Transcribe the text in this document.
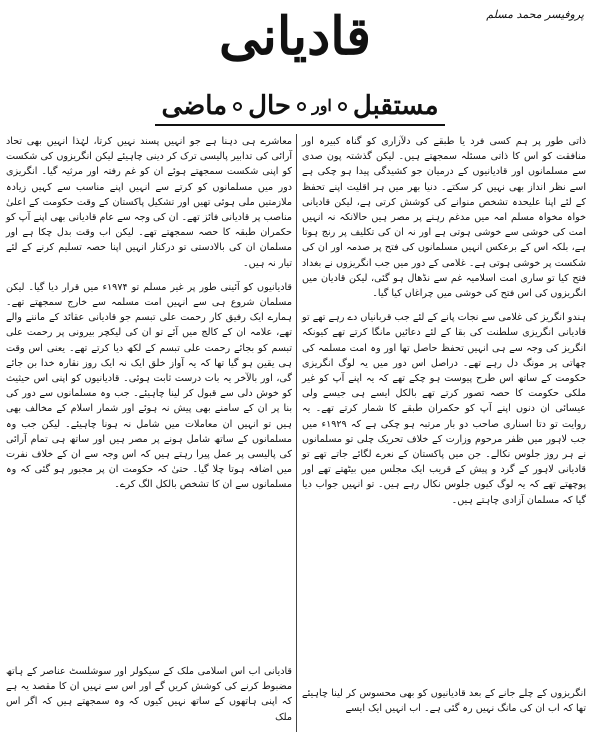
قادیانی	پروفیسر محمد مسلم
ماضی حال اور مستقبل

ذاتی طور پر ہم کسی فرد یا طبقے کی دلآزاری کو گناہ کبیرہ اور منافقت کو اس کا ذاتی مسئلہ سمجھتے ہیں۔ لیکن گذشتہ پون صدی سے مسلمانوں اور قادیانیوں کے درمیان جو کشیدگی پیدا ہو چکی ہے اسے نظر انداز بھی نہیں کر سکتے۔ دنیا بھر میں ہر اقلیت اپنے تحفظ کے لئے اپنا علیحدہ تشخص منوانے کی کوشش کرتی ہے، لیکن قادیانی خواہ مخواہ مسلم امہ میں مدغم رہنے پر مصر ہیں حالانکہ نہ انہیں امت کی خوشی سے خوشی ہوتی ہے اور نہ ان کی تکلیف پر رنج ہوتا ہے، بلکہ اس کے برعکس انہیں مسلمانوں کی فتح پر صدمہ اور ان کی شکست پر خوشی ہوتی ہے۔ غلامی کے دور میں جب انگریزوں نے بغداد فتح کیا تو ساری امت اسلامیہ غم سے نڈھال ہو گئی، لیکن قادیان میں انگریزوں کی اس فتح کی خوشی میں چراغاں کیا گیا۔

ہندو انگریز کی غلامی سے نجات پانے کے لئے جب قربانیاں دے رہے تھے تو قادیانی انگریزی سلطنت کی بقا کے لئے دعائیں مانگا کرتے تھے کیونکہ انگریز کی وجہ سے ہی انہیں تحفظ حاصل تھا اور وہ امت مسلمہ کی چھاتی پر مونگ دل رہے تھے۔ دراصل اس دور میں یہ لوگ انگریزی حکومت کے ساتھ اس طرح پیوست ہو چکے تھے کہ یہ اپنے آپ کو غیر ملکی حکومت کا حصہ تصور کرتے تھے بالکل ایسے ہی جیسے ولی عیسائی ان دنوں اپنے آپ کو حکمران طبقے کا شمار کرتے تھے۔ یہ روایت تو دتا اسناری صاحب دو بار مرتبہ ہو چکی ہے کہ ۱۹۲۹ء میں جب لاہور میں ظفر مرحوم وزارت کے خلاف تحریک چلی تو مسلمانوں نے ہر روز جلوس نکالے۔ جن میں پاکستان کے نعرے لگائے جاتے تھے تو قادیانی لاہور کے گرد و پیش کے قریب ایک مجلس میں بیٹھتے تھے اور پوچھتے تھے کہ یہ لوگ کیوں جلوس نکال رہے ہیں۔ تو انہیں جواب دیا گیا کہ مسلمان آزادی چاہتے ہیں۔

انگریزوں کے چلے جانے کے بعد قادیانیوں کو بھی محسوس کر لینا چاہیئے تھا کہ اب ان کی مانگ نہیں رہ گئی ہے۔ اب انہیں ایک ایسے

معاشرے ہی دہنا ہے جو انہیں پسند نہیں کرتا، لہٰذا انہیں بھی تحاد آرائی کی تدابیر پالیسی ترک کر دینی چاہیئے لیکن انگریزوں کی شکست کو اپنی شکست سمجھتے ہوئے ان کو غم رفتہ اور مرثیہ گیا۔ انگریزی دور میں مسلمانوں کو کرتے سے انہیں اپنے مناسب سے کہیں زیادہ ملازمتیں ملی ہوئی تھیں اور تشکیل پاکستان کے وقت حکومت کے اعلیٰ مناصب پر قادیانی فائز تھے۔ ان کی وجہ سے عام قادیانی بھی اپنے آپ کو حکمران طبقہ کا حصہ سمجھتے تھے۔ لیکن اب وقت بدل چکا ہے اور مسلمان ان کی بالادستی تو درکنار انہیں اپنا حصہ تسلیم کرنے کے لئے تیار نہ ہیں۔

قادیانیوں کو آئینی طور پر غیر مسلم تو ۱۹۷۴ء میں قرار دیا گیا۔ لیکن مسلمان شروع ہی سے انہیں امت مسلمہ سے خارج سمجھتے تھے۔ ہمارے ایک رفیق کار رحمت علی تبسم جو قادیانی عقائد کے ماننے والے تھے، علامہ ان کے کالج میں آئے تو ان کی لیکچر بیرونی پر رحمت علی تبسم کو بجائے رحمت علی تبسم کے لکھ دیا کرتے تھے۔ یعنی اس وقت ہی یقین ہو گیا تھا کہ یہ آواز خلق ایک نہ ایک روز نقارہ خدا بن جائے گی، اور بالآخر یہ بات درست ثابت ہوئی۔ قادیانیوں کو اپنی اس حیثیث کو خوش دلی سے قبول کر لینا چاہیئے۔ جب وہ مسلمانوں سے دور کی بنا پر ان کے سامنے بھی پیش نہ ہوئے اور شمار اسلام کے مخالف بھی ہیں تو انہیں ان معاملات میں شامل نہ ہونا چاہیئے۔ لیکن جب وہ مسلمانوں کے ساتھ شامل ہونے پر مصر ہیں اور ساتھ ہی تمام آرائی کی پالیسی پر عمل پیرا رہتے ہیں کہ اس وجہ سے ان کے خلاف نفرت میں اضافہ ہوتا چلا گیا۔ حتیٰ کہ حکومت ان پر مجبور ہو گئی کہ وہ مسلمانوں سے ان کا تشخص بالکل الگ کرے۔

قادیانی اب اس اسلامی ملک کے سیکولر اور سوشلسٹ عناصر کے ہاتھ مضبوط کرنے کی کوشش کریں گے اور اس سے نہیں ان کا مقصد یہ ہے کہ اپنی ہاتھوں کے ساتھ نہیں کیوں کہ وہ سمجھتے ہیں کہ اگر اس ملک
